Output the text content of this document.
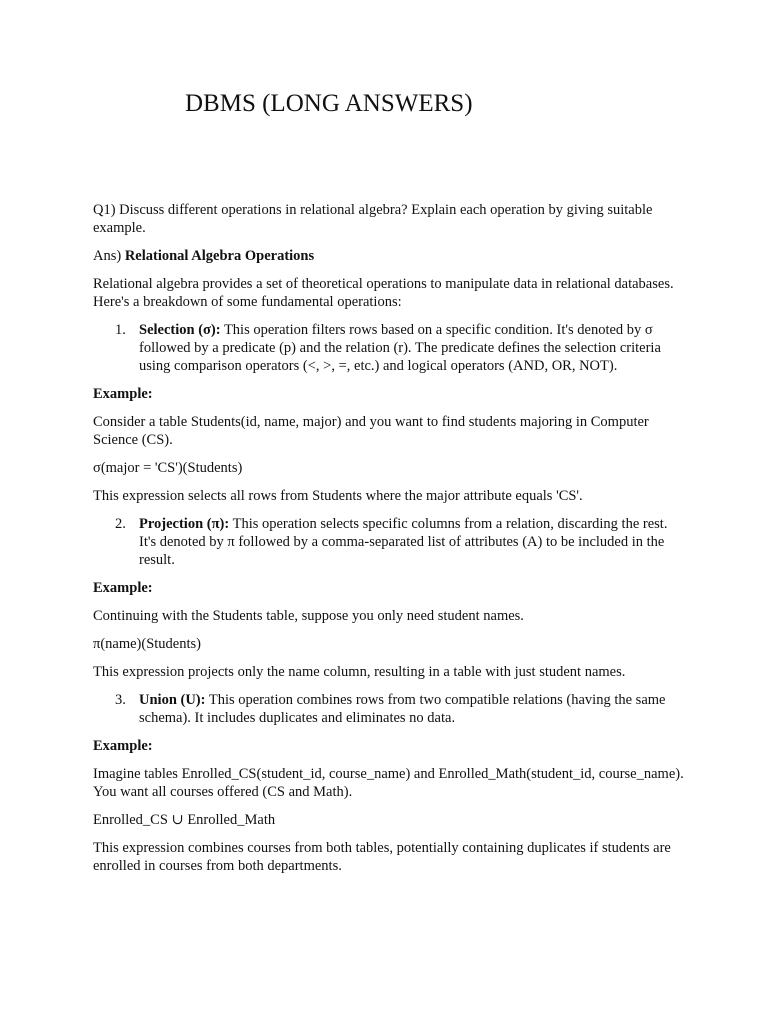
DBMS (LONG ANSWERS)

Q1) Discuss different operations in relational algebra? Explain each operation by giving suitable example.

Ans) Relational Algebra Operations

Relational algebra provides a set of theoretical operations to manipulate data in relational databases. Here's a breakdown of some fundamental operations:

1. Selection (σ): This operation filters rows based on a specific condition. It's denoted by σ followed by a predicate (p) and the relation (r). The predicate defines the selection criteria using comparison operators (<, >, =, etc.) and logical operators (AND, OR, NOT).

Example:

Consider a table Students(id, name, major) and you want to find students majoring in Computer Science (CS).

σ(major = 'CS')(Students)

This expression selects all rows from Students where the major attribute equals 'CS'.

2. Projection (π): This operation selects specific columns from a relation, discarding the rest. It's denoted by π followed by a comma-separated list of attributes (A) to be included in the result.

Example:

Continuing with the Students table, suppose you only need student names.

π(name)(Students)

This expression projects only the name column, resulting in a table with just student names.

3. Union (U): This operation combines rows from two compatible relations (having the same schema). It includes duplicates and eliminates no data.

Example:

Imagine tables Enrolled_CS(student_id, course_name) and Enrolled_Math(student_id, course_name). You want all courses offered (CS and Math).

Enrolled_CS ∪ Enrolled_Math

This expression combines courses from both tables, potentially containing duplicates if students are enrolled in courses from both departments.
